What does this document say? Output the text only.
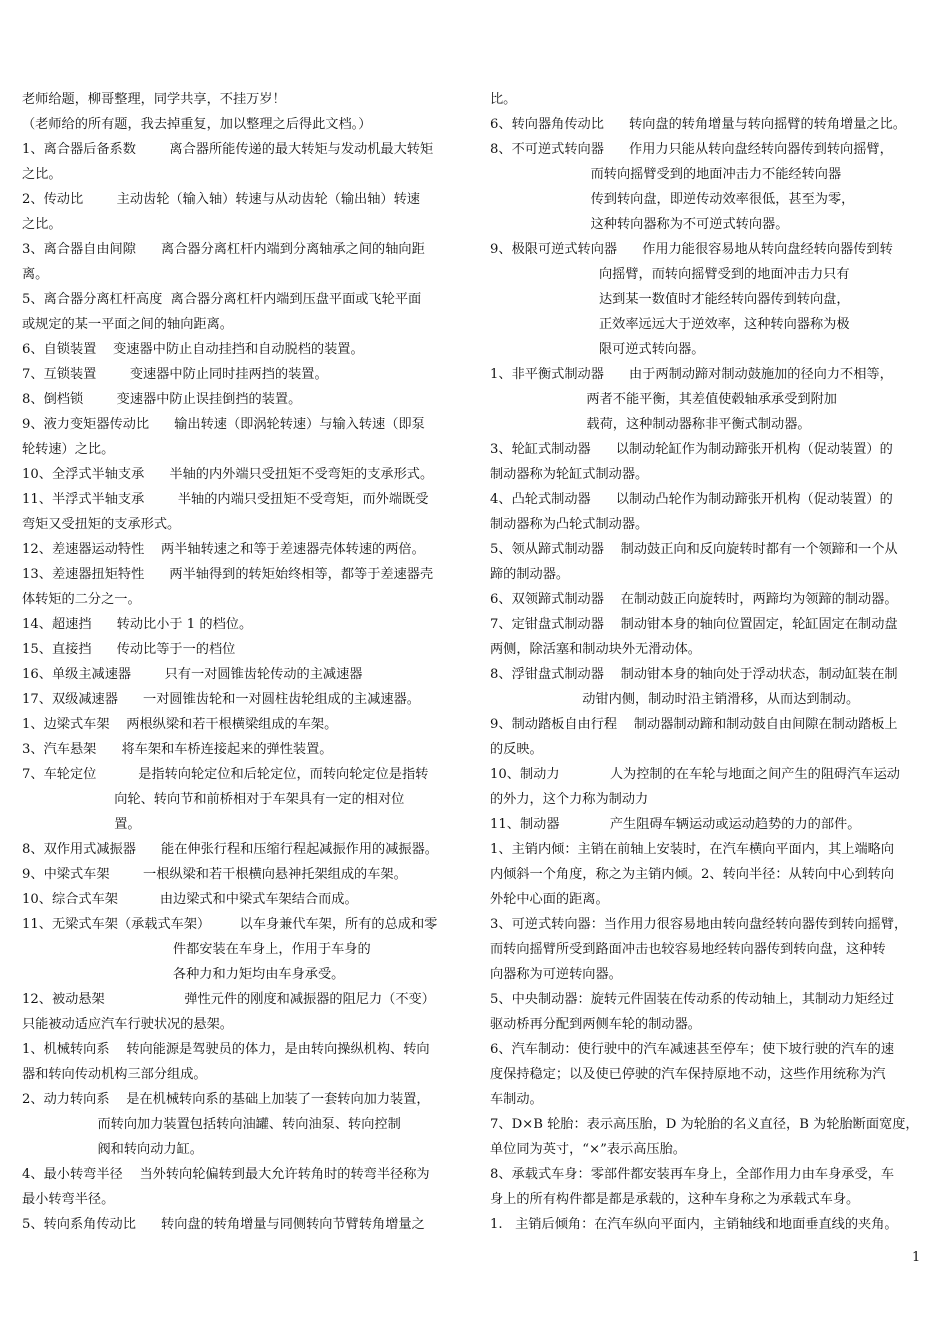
老师给题，柳哥整理，同学共享，不挂万岁！
（老师给的所有题，我去掉重复，加以整理之后得此文档。）
1、离合器后备系数        离合器所能传递的最大转矩与发动机最大转矩
之比。
2、传动比        主动齿轮（输入轴）转速与从动齿轮（输出轴）转速
之比。
3、离合器自由间隙      离合器分离杠杆内端到分离轴承之间的轴向距
离。
5、离合器分离杠杆高度  离合器分离杠杆内端到压盘平面或飞轮平面
或规定的某一平面之间的轴向距离。
6、自锁装置    变速器中防止自动挂挡和自动脱档的装置。
7、互锁装置        变速器中防止同时挂两挡的装置。
8、倒档锁        变速器中防止误挂倒挡的装置。
9、液力变矩器传动比      输出转速（即涡轮转速）与输入转速（即泵
轮转速）之比。
10、全浮式半轴支承      半轴的内外端只受扭矩不受弯矩的支承形式。
11、半浮式半轴支承        半轴的内端只受扭矩不受弯矩，而外端既受
弯矩又受扭矩的支承形式。
12、差速器运动特性    两半轴转速之和等于差速器壳体转速的两倍。
13、差速器扭矩特性      两半轴得到的转矩始终相等，都等于差速器壳
体转矩的二分之一。
14、超速挡      转动比小于 1 的档位。
15、直接挡      传动比等于一的档位
16、单级主减速器        只有一对圆锥齿轮传动的主减速器
17、双级减速器      一对圆锥齿轮和一对圆柱齿轮组成的主减速器。
1、边梁式车架    两根纵梁和若干根横梁组成的车架。
3、汽车悬架      将车架和车桥连接起来的弹性装置。
7、车轮定位          是指转向轮定位和后轮定位，而转向轮定位是指转
向轮、转向节和前桥相对于车架具有一定的相对位
置。
8、双作用式减振器      能在伸张行程和压缩行程起减振作用的减振器。
9、中梁式车架        一根纵梁和若干根横向悬神托架组成的车架。
10、综合式车架          由边梁式和中梁式车架结合而成。
11、无梁式车架（承载式车架）       以车身兼代车架，所有的总成和零
件都安装在车身上，作用于车身的
各种力和力矩均由车身承受。
12、被动悬架                   弹性元件的刚度和减振器的阻尼力（不变）
只能被动适应汽车行驶状况的悬架。
1、机械转向系    转向能源是驾驶员的体力，是由转向操纵机构、转向
器和转向传动机构三部分组成。
2、动力转向系    是在机械转向系的基础上加装了一套转向加力装置，
而转向加力装置包括转向油罐、转向油泵、转向控制
阀和转向动力缸。
4、最小转弯半径    当外转向轮偏转到最大允许转角时的转弯半径称为
最小转弯半径。
5、转向系角传动比      转向盘的转角增量与同侧转向节臂转角增量之
比。
6、转向器角传动比      转向盘的转角增量与转向摇臂的转角增量之比。
8、不可逆式转向器      作用力只能从转向盘经转向器传到转向摇臂，
而转向摇臂受到的地面冲击力不能经转向器
传到转向盘，即逆传动效率很低，甚至为零，
这种转向器称为不可逆式转向器。
9、极限可逆式转向器      作用力能很容易地从转向盘经转向器传到转
向摇臂，而转向摇臂受到的地面冲击力只有
达到某一数值时才能经转向器传到转向盘，
正效率远远大于逆效率，这种转向器称为极
限可逆式转向器。
1、非平衡式制动器      由于两制动蹄对制动鼓施加的径向力不相等，
两者不能平衡，其差值使毂轴承承受到附加
载荷，这种制动器称非平衡式制动器。
3、轮缸式制动器      以制动轮缸作为制动蹄张开机构（促动装置）的
制动器称为轮缸式制动器。
4、凸轮式制动器      以制动凸轮作为制动蹄张开机构（促动装置）的
制动器称为凸轮式制动器。
5、领从蹄式制动器    制动鼓正向和反向旋转时都有一个领蹄和一个从
蹄的制动器。
6、双领蹄式制动器    在制动鼓正向旋转时，两蹄均为领蹄的制动器。
7、定钳盘式制动器    制动钳本身的轴向位置固定，轮缸固定在制动盘
两侧，除活塞和制动块外无滑动体。
8、浮钳盘式制动器    制动钳本身的轴向处于浮动状态，制动缸装在制
动钳内侧，制动时沿主销滑移，从而达到制动。
9、制动踏板自由行程    制动器制动蹄和制动鼓自由间隙在制动踏板上
的反映。
10、制动力            人为控制的在车轮与地面之间产生的阻碍汽车运动
的外力，这个力称为制动力
11、制动器            产生阻碍车辆运动或运动趋势的力的部件。
1、主销内倾：主销在前轴上安装时，在汽车横向平面内，其上端略向
内倾斜一个角度，称之为主销内倾。2、转向半径：从转向中心到转向
外轮中心面的距离。
3、可逆式转向器：当作用力很容易地由转向盘经转向器传到转向摇臂，
而转向摇臂所受到路面冲击也较容易地经转向器传到转向盘，这种转
向器称为可逆转向器。
5、中央制动器：旋转元件固装在传动系的传动轴上，其制动力矩经过
驱动桥再分配到两侧车轮的制动器。
6、汽车制动：使行驶中的汽车减速甚至停车；使下坡行驶的汽车的速
度保持稳定；以及使已停驶的汽车保持原地不动，这些作用统称为汽
车制动。
7、D×B 轮胎：表示高压胎，D 为轮胎的名义直径，B 为轮胎断面宽度，
单位同为英寸，“×”表示高压胎。
8、承载式车身：零部件都安装再车身上，全部作用力由车身承受，车
身上的所有构件都是都是承载的，这种车身称之为承载式车身。
1.   主销后倾角：在汽车纵向平面内，主销轴线和地面垂直线的夹角。
1
